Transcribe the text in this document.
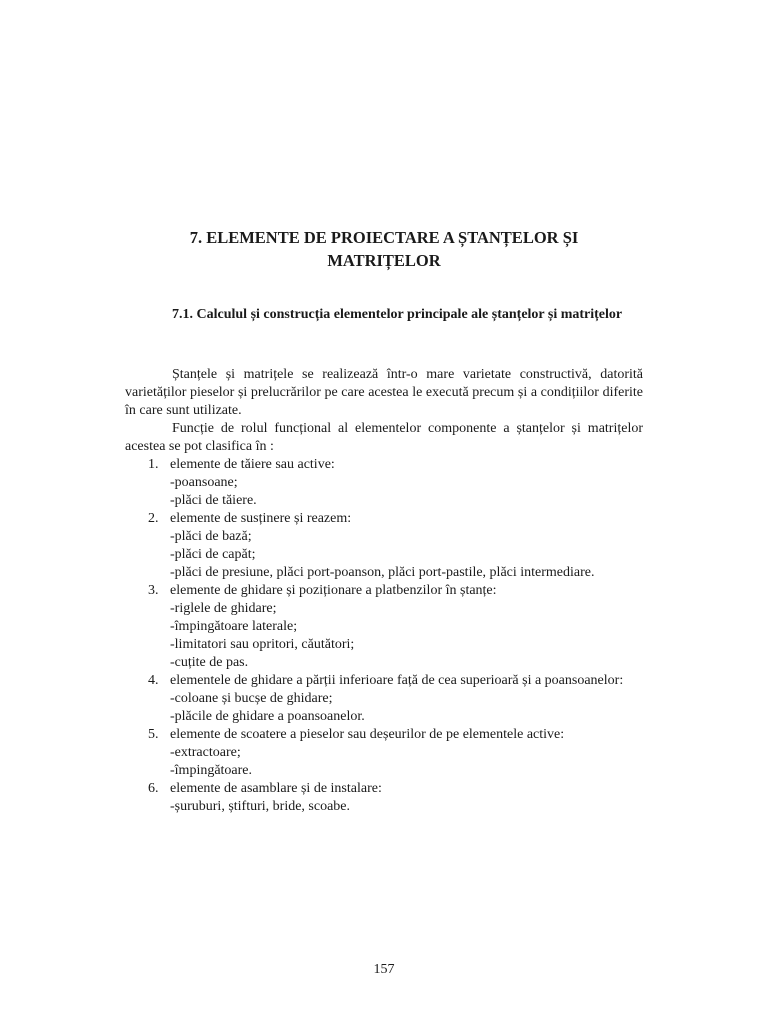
7. ELEMENTE DE PROIECTARE A ȘTANȚELOR ȘI
MATRIȚELOR
7.1. Calculul și construcția elementelor principale ale ștanțelor și matrițelor

Ștanțele și matrițele se realizează într-o mare varietate constructivă, datorită varietăților pieselor și prelucrărilor pe care acestea le execută precum și a condițiilor diferite în care sunt utilizate.

Funcție de rolul funcțional al elementelor componente a ștanțelor și matrițelor acestea se pot clasifica în :

1. elemente de tăiere sau active:
-poansoane;
-plăci de tăiere.
2. elemente de susținere și reazem:
-plăci de bază;
-plăci de capăt;
-plăci de presiune, plăci port-poanson, plăci port-pastile, plăci intermediare.
3. elemente de ghidare și poziționare a platbenzilor în ștanțe:
-riglele de ghidare;
-împingătoare laterale;
-limitatori sau opritori, căutători;
-cuțite de pas.
4. elementele de ghidare a părții inferioare față de cea superioară și a poansoanelor:
-coloane și bucșe de ghidare;
-plăcile de ghidare a poansoanelor.
5. elemente de scoatere a pieselor sau deșeurilor de pe elementele active:
-extractoare;
-împingătoare.
6. elemente de asamblare și de instalare:
-șuruburi, știfturi, bride, scoabe.
157
